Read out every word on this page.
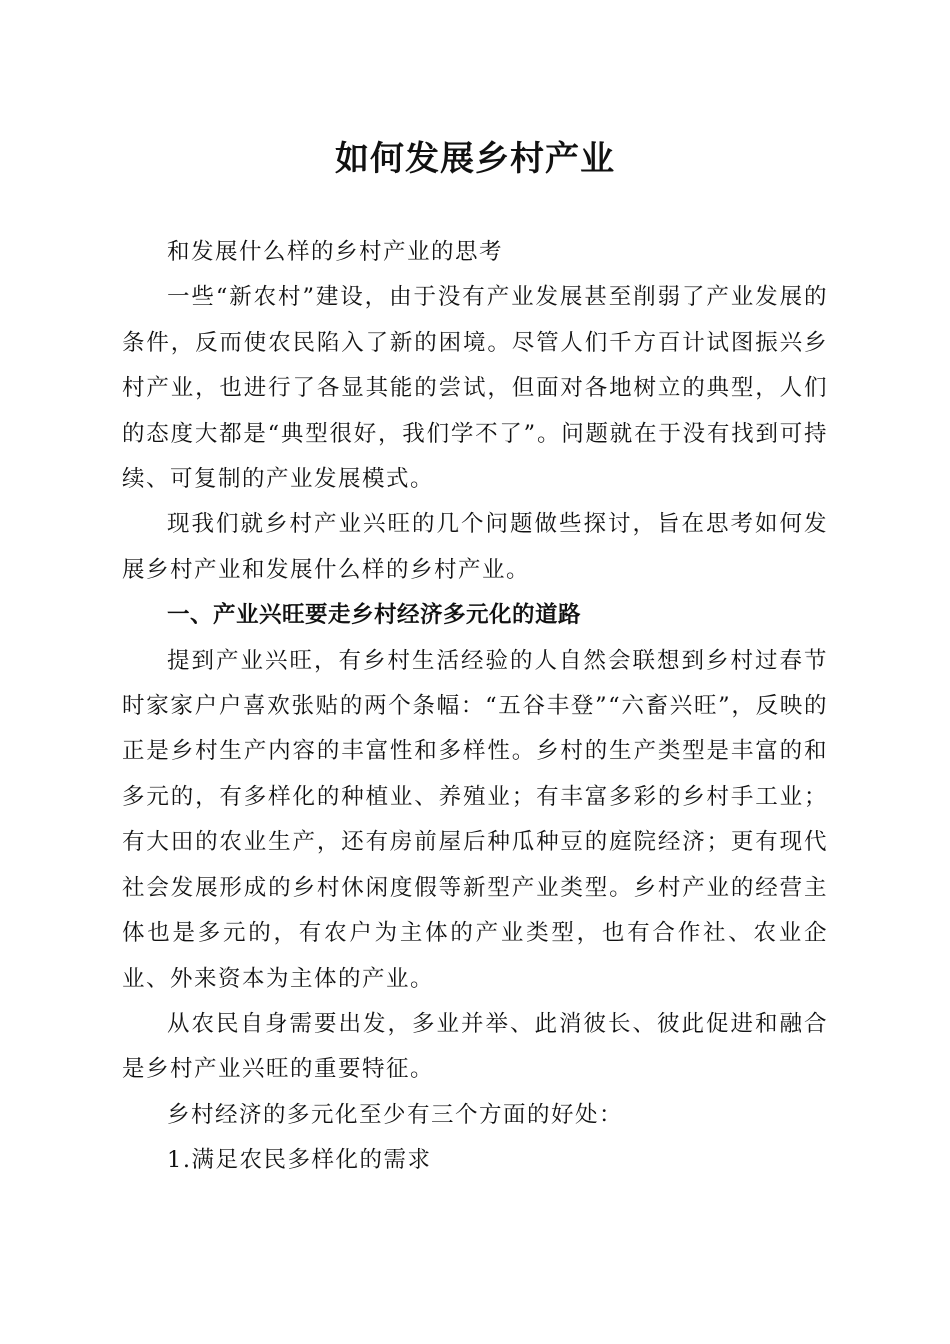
如何发展乡村产业

和发展什么样的乡村产业的思考

一些“新农村”建设，由于没有产业发展甚至削弱了产业发展的条件，反而使农民陷入了新的困境。尽管人们千方百计试图振兴乡村产业，也进行了各显其能的尝试，但面对各地树立的典型，人们的态度大都是“典型很好，我们学不了”。问题就在于没有找到可持续、可复制的产业发展模式。

现我们就乡村产业兴旺的几个问题做些探讨，旨在思考如何发展乡村产业和发展什么样的乡村产业。

一、产业兴旺要走乡村经济多元化的道路

提到产业兴旺，有乡村生活经验的人自然会联想到乡村过春节时家家户户喜欢张贴的两个条幅：“五谷丰登”“六畜兴旺”，反映的正是乡村生产内容的丰富性和多样性。乡村的生产类型是丰富的和多元的，有多样化的种植业、养殖业；有丰富多彩的乡村手工业；有大田的农业生产，还有房前屋后种瓜种豆的庭院经济；更有现代社会发展形成的乡村休闲度假等新型产业类型。乡村产业的经营主体也是多元的，有农户为主体的产业类型，也有合作社、农业企业、外来资本为主体的产业。

从农民自身需要出发，多业并举、此消彼长、彼此促进和融合是乡村产业兴旺的重要特征。

乡村经济的多元化至少有三个方面的好处：

1.满足农民多样化的需求
